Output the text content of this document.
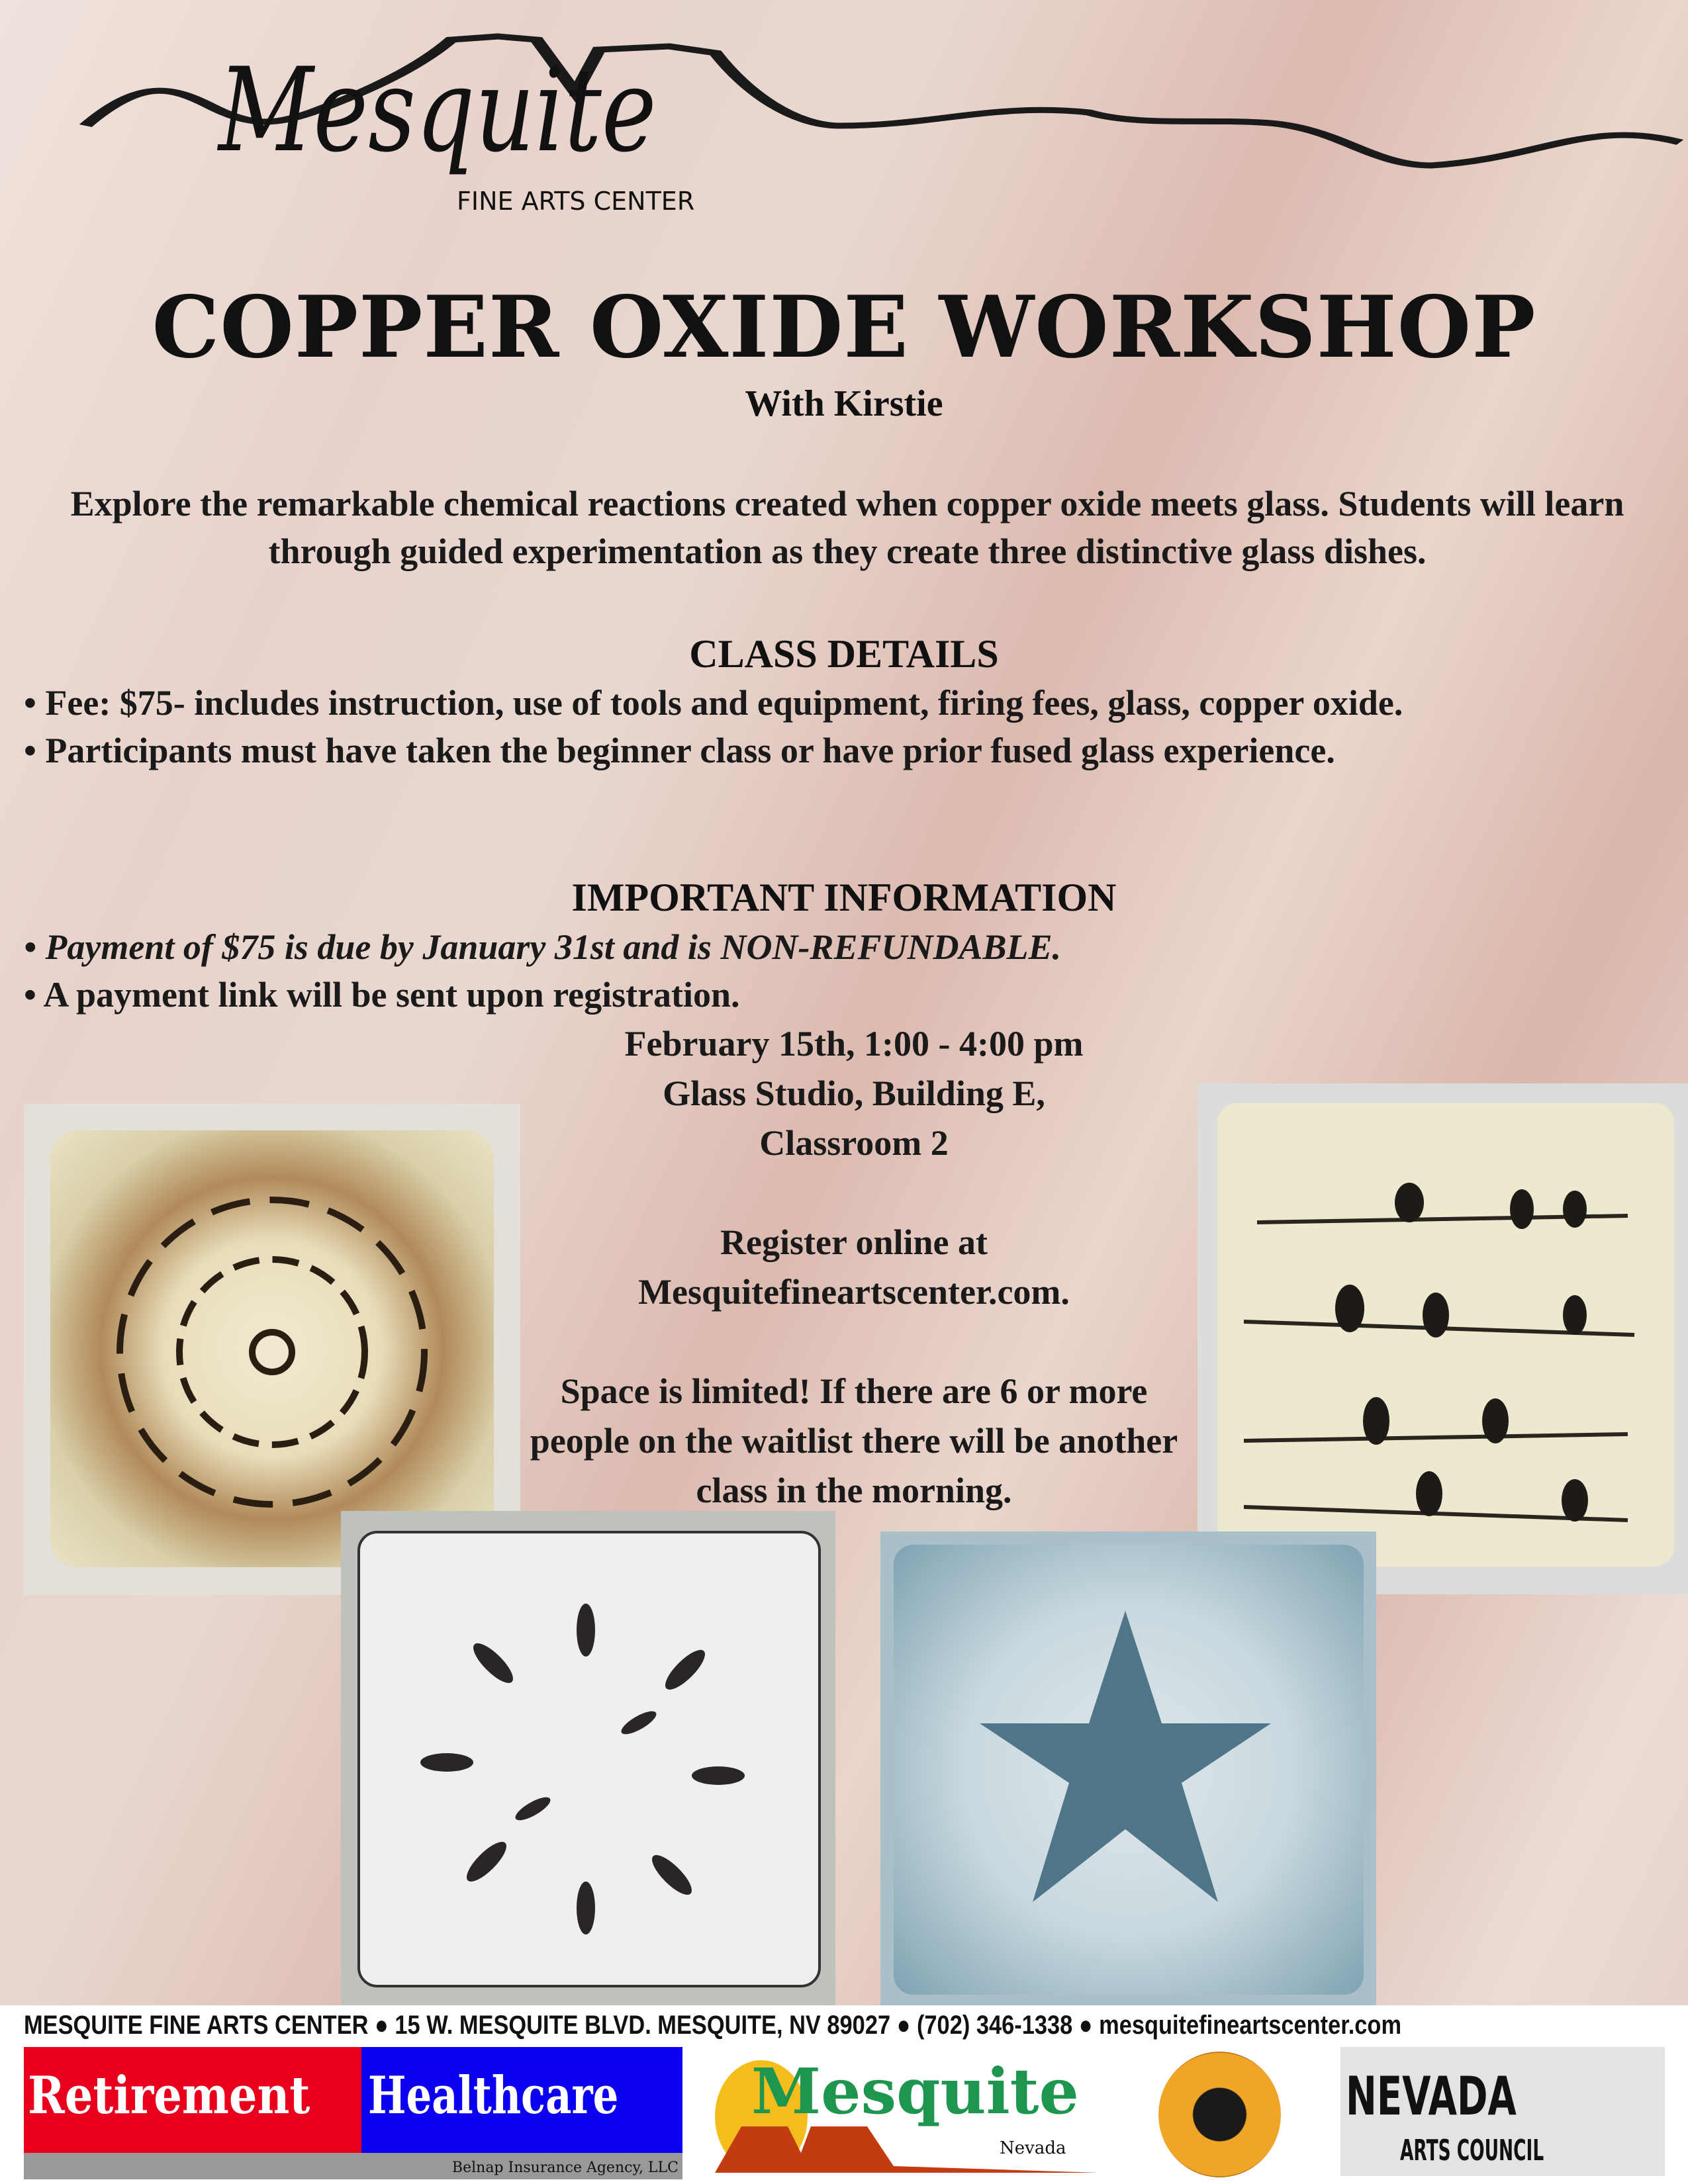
Mesquite
FINE ARTS CENTER
COPPER OXIDE WORKSHOP
With Kirstie
Explore the remarkable chemical reactions created when copper oxide meets glass. Students will learn through guided experimentation as they create three distinctive glass dishes.
CLASS DETAILS
• Fee: $75- includes instruction, use of tools and equipment, firing fees, glass, copper oxide.
• Participants must have taken the beginner class or have prior fused glass experience.
IMPORTANT INFORMATION
• Payment of $75 is due by January 31st and is NON-REFUNDABLE.
• A payment link will be sent upon registration.
February 15th, 1:00 - 4:00 pm
Glass Studio, Building E,
Classroom 2
Register online at
Mesquitefineartscenter.com.
Space is limited! If there are 6 or more people on the waitlist there will be another class in the morning.
MESQUITE FINE ARTS CENTER ● 15 W. MESQUITE BLVD. MESQUITE, NV 89027 ● (702) 346-1338 ● mesquitefineartscenter.com
Retirement Healthcare
Belnap Insurance Agency, LLC
Mesquite
Nevada
NEVADA
ARTS COUNCIL
